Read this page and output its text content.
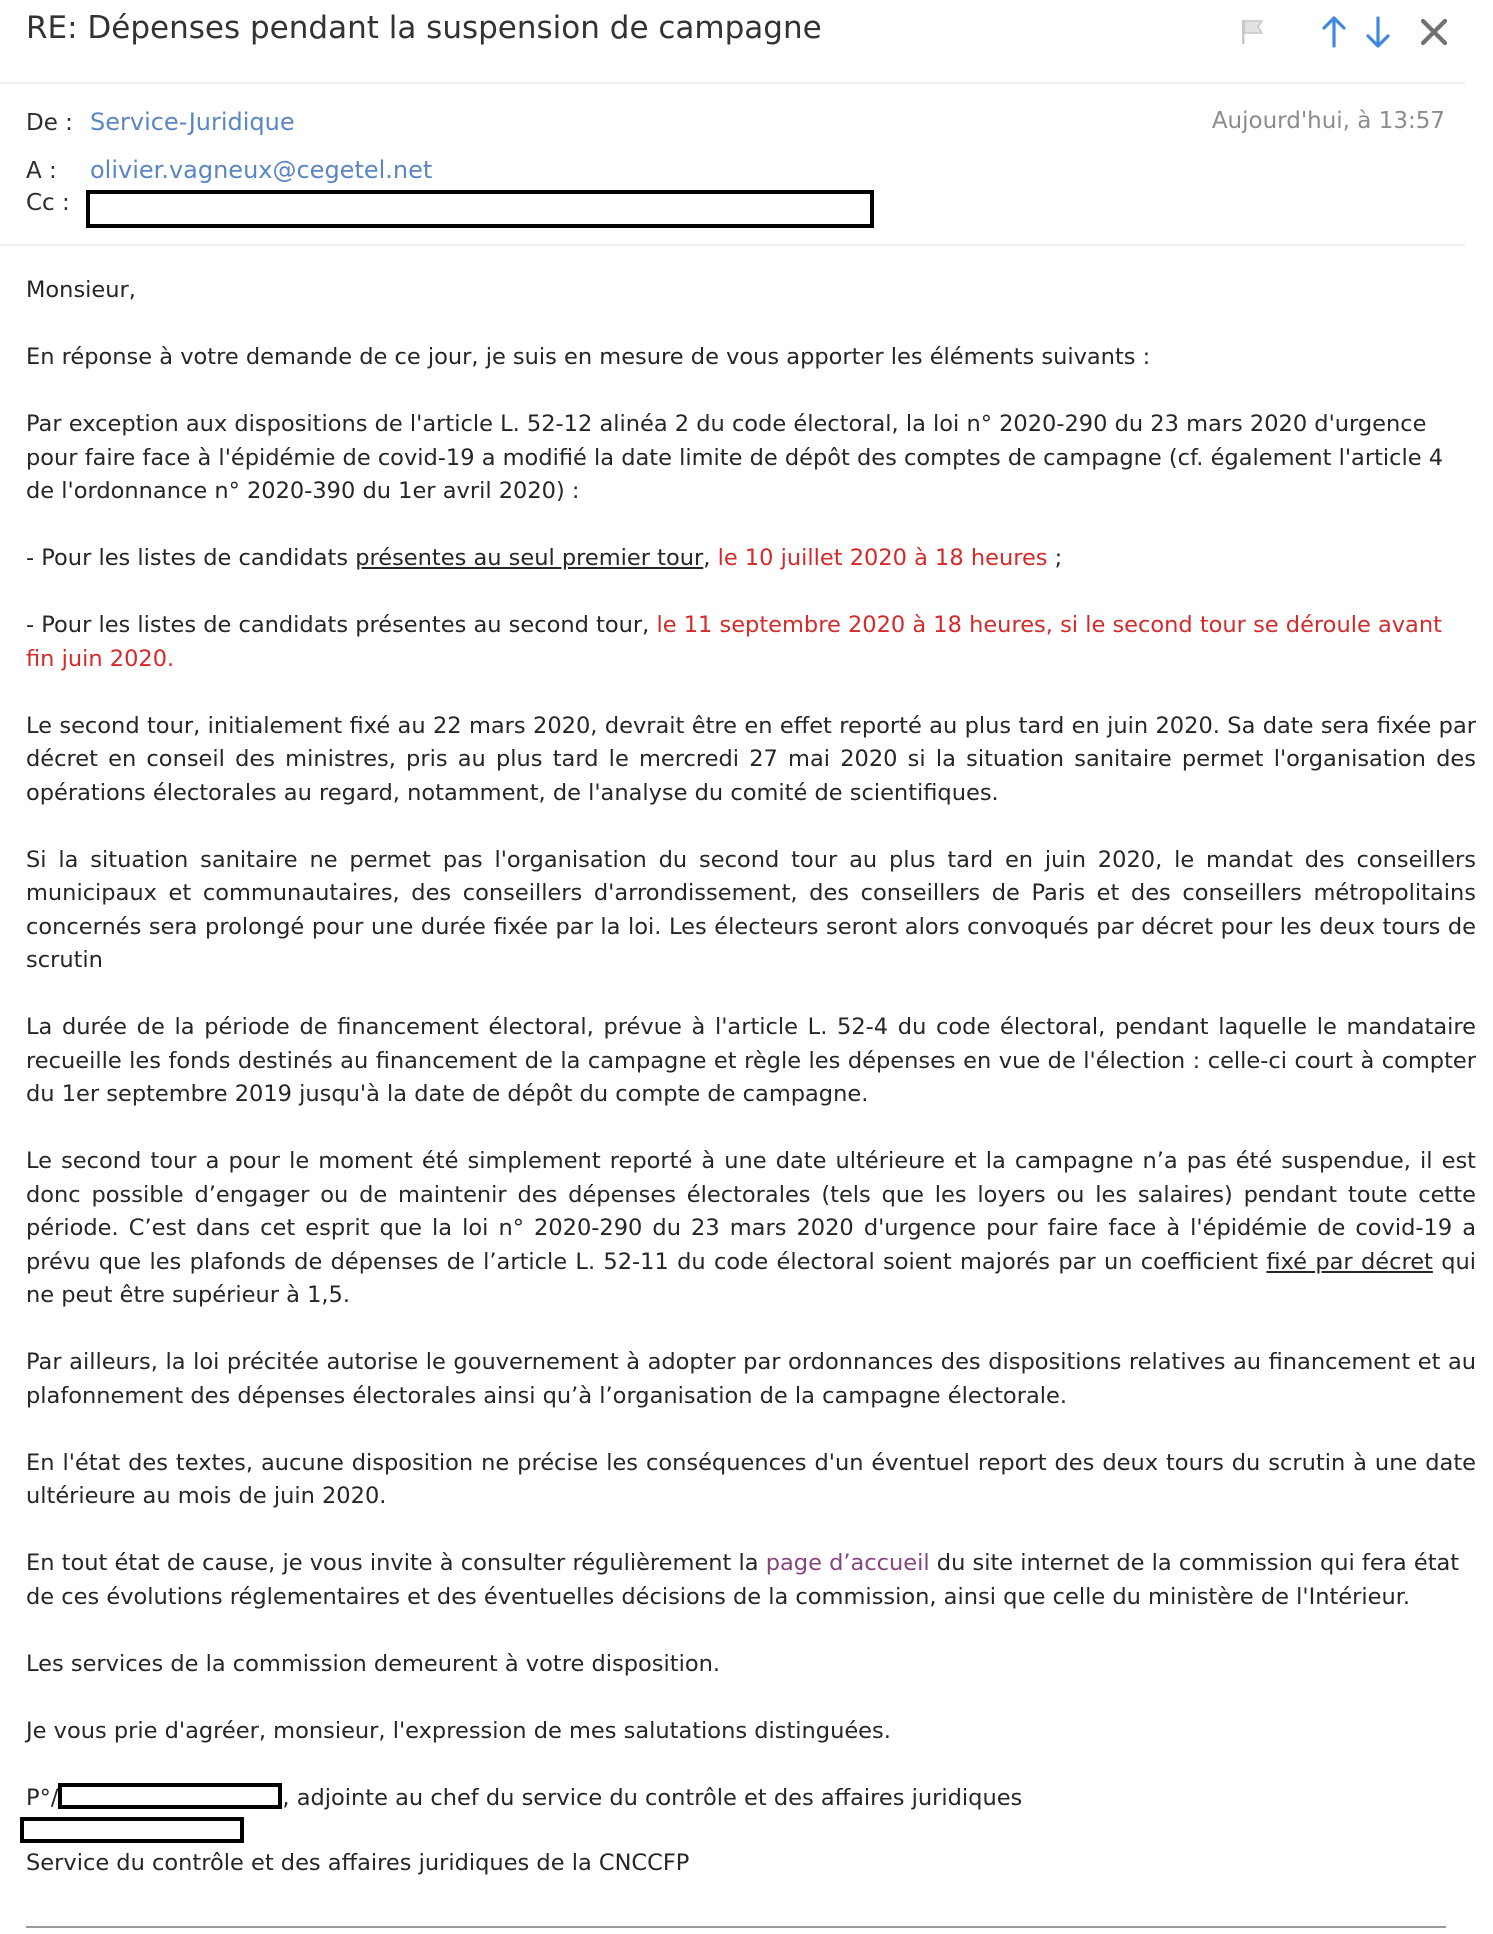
RE: Dépenses pendant la suspension de campagne
De : Service-Juridique	Aujourd'hui, à 13:57
A : olivier.vagneux@cegetel.net
Cc :

Monsieur,

En réponse à votre demande de ce jour, je suis en mesure de vous apporter les éléments suivants :

Par exception aux dispositions de l'article L. 52-12 alinéa 2 du code électoral, la loi n° 2020-290 du 23 mars 2020 d'urgence pour faire face à l'épidémie de covid-19 a modifié la date limite de dépôt des comptes de campagne (cf. également l'article 4 de l'ordonnance n° 2020-390 du 1er avril 2020) :

- Pour les listes de candidats présentes au seul premier tour, le 10 juillet 2020 à 18 heures ;

- Pour les listes de candidats présentes au second tour, le 11 septembre 2020 à 18 heures, si le second tour se déroule avant fin juin 2020.

Le second tour, initialement fixé au 22 mars 2020, devrait être en effet reporté au plus tard en juin 2020. Sa date sera fixée par décret en conseil des ministres, pris au plus tard le mercredi 27 mai 2020 si la situation sanitaire permet l'organisation des opérations électorales au regard, notamment, de l'analyse du comité de scientifiques.

Si la situation sanitaire ne permet pas l'organisation du second tour au plus tard en juin 2020, le mandat des conseillers municipaux et communautaires, des conseillers d'arrondissement, des conseillers de Paris et des conseillers métropolitains concernés sera prolongé pour une durée fixée par la loi. Les électeurs seront alors convoqués par décret pour les deux tours de scrutin

La durée de la période de financement électoral, prévue à l'article L. 52-4 du code électoral, pendant laquelle le mandataire recueille les fonds destinés au financement de la campagne et règle les dépenses en vue de l'élection : celle-ci court à compter du 1er septembre 2019 jusqu'à la date de dépôt du compte de campagne.

Le second tour a pour le moment été simplement reporté à une date ultérieure et la campagne n’a pas été suspendue, il est donc possible d’engager ou de maintenir des dépenses électorales (tels que les loyers ou les salaires) pendant toute cette période. C’est dans cet esprit que la loi n° 2020-290 du 23 mars 2020 d'urgence pour faire face à l'épidémie de covid-19 a prévu que les plafonds de dépenses de l’article L. 52-11 du code électoral soient majorés par un coefficient fixé par décret qui ne peut être supérieur à 1,5.

Par ailleurs, la loi précitée autorise le gouvernement à adopter par ordonnances des dispositions relatives au financement et au plafonnement des dépenses électorales ainsi qu’à l’organisation de la campagne électorale.

En l'état des textes, aucune disposition ne précise les conséquences d'un éventuel report des deux tours du scrutin à une date ultérieure au mois de juin 2020.

En tout état de cause, je vous invite à consulter régulièrement la page d’accueil du site internet de la commission qui fera état de ces évolutions réglementaires et des éventuelles décisions de la commission, ainsi que celle du ministère de l'Intérieur.

Les services de la commission demeurent à votre disposition.

Je vous prie d'agréer, monsieur, l'expression de mes salutations distinguées.

P°/	, adjointe au chef du service du contrôle et des affaires juridiques
Service du contrôle et des affaires juridiques de la CNCCFP
